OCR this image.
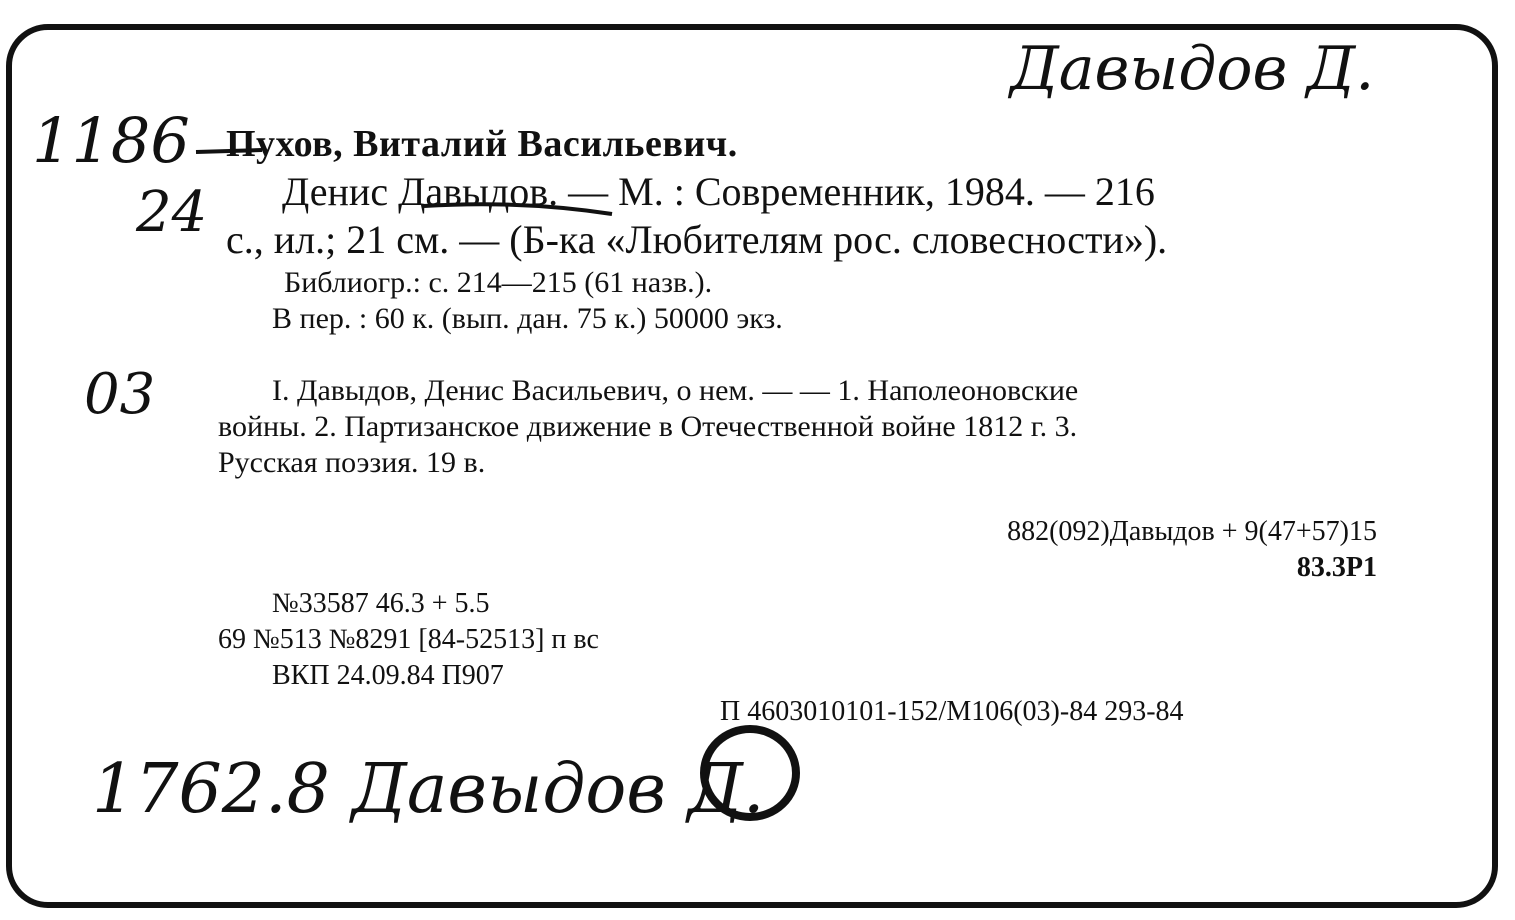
Давыдов Д.
1186
24
03
1762.8 Давыдов Д.
Пухов, Виталий Васильевич.
Денис Давыдов. — М. : Современник, 1984. — 216
с., ил.; 21 см. — (Б-ка «Любителям рос. словесности»).
Библиогр.: с. 214—215 (61 назв.).
В пер. : 60 к. (вып. дан. 75 к.) 50000 экз.
I. Давыдов, Денис Васильевич, о нем. — — 1. Наполеоновские
войны. 2. Партизанское движение в Отечественной войне 1812 г. 3.
Русская поэзия. 19 в.
882(092)Давыдов + 9(47+57)15
83.3Р1
№33587 46.3 + 5.5
69 №513 №8291 [84-52513] п вс
ВКП 24.09.84 П907
П 4603010101-152/М106(03)-84 293-84
